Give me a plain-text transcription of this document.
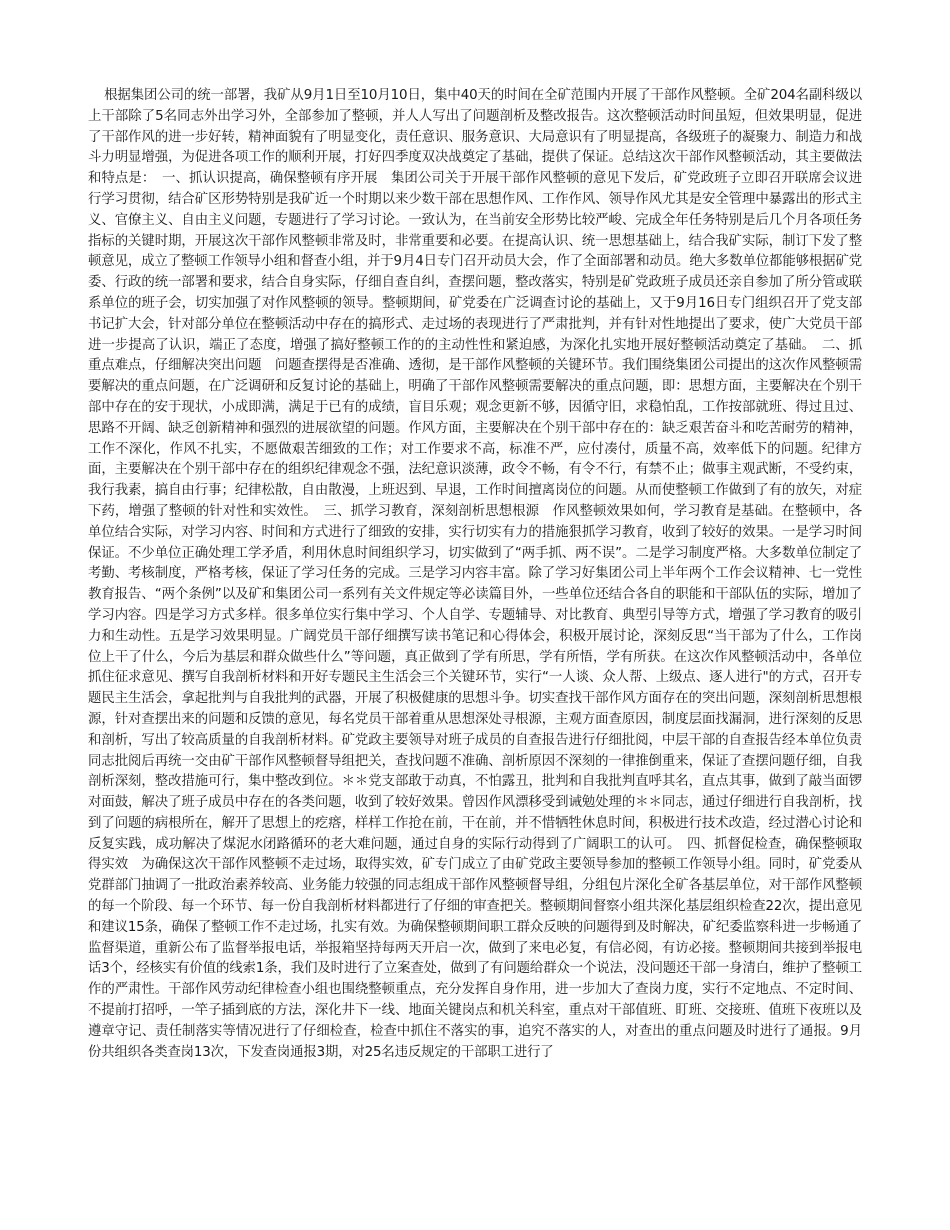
根据集团公司的统一部署，我矿从9月1日至10月10日，集中40天的时间在全矿范围内开展了干部作风整顿。全矿204名副科级以上干部除了5名同志外出学习外，全部参加了整顿，并人人写出了问题剖析及整改报告。这次整顿活动时间虽短，但效果明显，促进了干部作风的进一步好转，精神面貌有了明显变化，责任意识、服务意识、大局意识有了明显提高，各级班子的凝聚力、制造力和战斗力明显增强，为促进各项工作的顺利开展，打好四季度双决战奠定了基础，提供了保证。总结这次干部作风整顿活动，其主要做法和特点是：　一、抓认识提高，确保整顿有序开展　集团公司关于开展干部作风整顿的意见下发后，矿党政班子立即召开联席会议进行学习贯彻，结合矿区形势特别是我矿近一个时期以来少数干部在思想作风、工作作风、领导作风尤其是安全管理中暴露出的形式主义、官僚主义、自由主义问题，专题进行了学习讨论。一致认为，在当前安全形势比较严峻、完成全年任务特别是后几个月各项任务指标的关键时期，开展这次干部作风整顿非常及时，非常重要和必要。在提高认识、统一思想基础上，结合我矿实际，制订下发了整顿意见，成立了整顿工作领导小组和督查小组，并于9月4日专门召开动员大会，作了全面部署和动员。绝大多数单位都能够根据矿党委、行政的统一部署和要求，结合自身实际，仔细自查自纠，查摆问题，整改落实，特别是矿党政班子成员还亲自参加了所分管或联系单位的班子会，切实加强了对作风整顿的领导。整顿期间，矿党委在广泛调查讨论的基础上，又于9月16日专门组织召开了党支部书记扩大会，针对部分单位在整顿活动中存在的搞形式、走过场的表现进行了严肃批判，并有针对性地提出了要求，使广大党员干部进一步提高了认识，端正了态度，增强了搞好整顿工作的的主动性性和紧迫感，为深化扎实地开展好整顿活动奠定了基础。　二、抓重点难点，仔细解决突出问题　问题查摆得是否准确、透彻，是干部作风整顿的关键环节。我们围绕集团公司提出的这次作风整顿需要解决的重点问题，在广泛调研和反复讨论的基础上，明确了干部作风整顿需要解决的重点问题，即：思想方面，主要解决在个别干部中存在的安于现状，小成即满，满足于已有的成绩，盲目乐观；观念更新不够，因循守旧，求稳怕乱，工作按部就班、得过且过、思路不开阔、缺乏创新精神和强烈的进展欲望的问题。作风方面，主要解决在个别干部中存在的：缺乏艰苦奋斗和吃苦耐劳的精神，工作不深化，作风不扎实，不愿做艰苦细致的工作；对工作要求不高，标准不严，应付凑付，质量不高，效率低下的问题。纪律方面，主要解决在个别干部中存在的组织纪律观念不强，法纪意识淡薄，政令不畅，有令不行，有禁不止；做事主观武断，不受约束，我行我素，搞自由行事；纪律松散，自由散漫，上班迟到、早退，工作时间擅离岗位的问题。从而使整顿工作做到了有的放矢，对症下药，增强了整顿的针对性和实效性。　三、抓学习教育，深刻剖析思想根源　作风整顿效果如何，学习教育是基础。在整顿中，各单位结合实际，对学习内容、时间和方式进行了细致的安排，实行切实有力的措施狠抓学习教育，收到了较好的效果。一是学习时间保证。不少单位正确处理工学矛盾，利用休息时间组织学习，切实做到了“两手抓、两不误”。二是学习制度严格。大多数单位制定了考勤、考核制度，严格考核，保证了学习任务的完成。三是学习内容丰富。除了学习好集团公司上半年两个工作会议精神、七一党性教育报告、“两个条例”以及矿和集团公司一系列有关文件规定等必读篇目外，一些单位还结合各自的职能和干部队伍的实际，增加了学习内容。四是学习方式多样。很多单位实行集中学习、个人自学、专题辅导、对比教育、典型引导等方式，增强了学习教育的吸引力和生动性。五是学习效果明显。广阔党员干部仔细撰写读书笔记和心得体会，积极开展讨论，深刻反思“当干部为了什么，工作岗位上干了什么，今后为基层和群众做些什么”等问题，真正做到了学有所思，学有所悟，学有所获。在这次作风整顿活动中，各单位抓住征求意见、撰写自我剖析材料和开好专题民主生活会三个关键环节，实行“一人谈、众人帮、上级点、逐人进行"的方式，召开专题民主生活会，拿起批判与自我批判的武器，开展了积极健康的思想斗争。切实查找干部作风方面存在的突出问题，深刻剖析思想根源，针对查摆出来的问题和反馈的意见，每名党员干部着重从思想深处寻根源，主观方面查原因，制度层面找漏洞，进行深刻的反思和剖析，写出了较高质量的自我剖析材料。矿党政主要领导对班子成员的自查报告进行仔细批阅，中层干部的自查报告经本单位负责同志批阅后再统一交由矿干部作风整顿督导组把关，查找问题不准确、剖析原因不深刻的一律推倒重来，保证了查摆问题仔细，自我剖析深刻，整改措施可行，集中整改到位。＊＊党支部敢于动真，不怕露丑，批判和自我批判直呼其名，直点其事，做到了敲当面锣对面鼓，解决了班子成员中存在的各类问题，收到了较好效果。曾因作风漂移受到诫勉处理的＊＊同志，通过仔细进行自我剖析，找到了问题的病根所在，解开了思想上的疙瘩，样样工作抢在前，干在前，并不惜牺牲休息时间，积极进行技术改造，经过潜心讨论和反复实践，成功解决了煤泥水闭路循环的老大难问题，通过自身的实际行动得到了广阔职工的认可。　四、抓督促检查，确保整顿取得实效　为确保这次干部作风整顿不走过场，取得实效，矿专门成立了由矿党政主要领导参加的整顿工作领导小组。同时，矿党委从党群部门抽调了一批政治素养较高、业务能力较强的同志组成干部作风整顿督导组，分组包片深化全矿各基层单位，对干部作风整顿的每一个阶段、每一个环节、每一份自我剖析材料都进行了仔细的审查把关。整顿期间督察小组共深化基层组织检查22次，提出意见和建议15条，确保了整顿工作不走过场，扎实有效。为确保整顿期间职工群众反映的问题得到及时解决，矿纪委监察科进一步畅通了监督渠道，重新公布了监督举报电话，举报箱坚持每两天开启一次，做到了来电必复，有信必阅，有访必接。整顿期间共接到举报电话3个，经核实有价值的线索1条，我们及时进行了立案查处，做到了有问题给群众一个说法，没问题还干部一身清白，维护了整顿工作的严肃性。干部作风劳动纪律检查小组也围绕整顿重点，充分发挥自身作用，进一步加大了查岗力度，实行不定地点、不定时间、不提前打招呼，一竿子插到底的方法，深化井下一线、地面关键岗点和机关科室，重点对干部值班、盯班、交接班、值班下夜班以及遵章守记、责任制落实等情况进行了仔细检查，检查中抓住不落实的事，追究不落实的人，对查出的重点问题及时进行了通报。9月份共组织各类查岗13次，下发查岗通报3期，对25名违反规定的干部职工进行了
